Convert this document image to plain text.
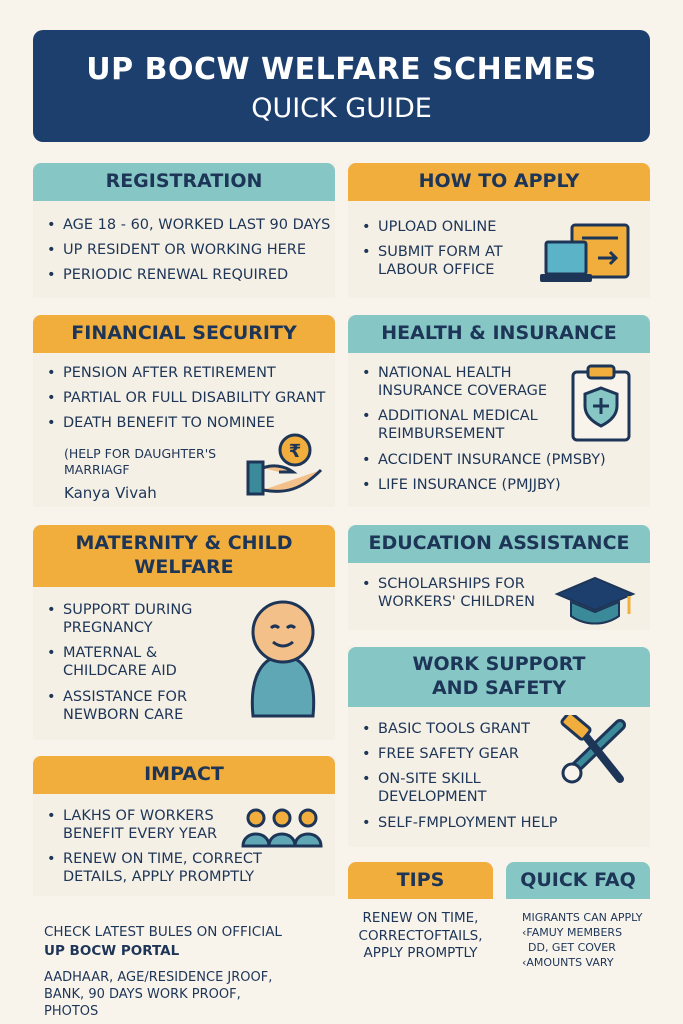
UP BOCW WELFARE SCHEMES
QUICK GUIDE
REGISTRATION
• AGE 18 - 60, WORKED LAST 90 DAYS
• UP RESIDENT OR WORKING HERE
• PERIODIC RENEWAL REQUIRED
HOW TO APPLY
• UPLOAD ONLINE
• SUBMIT FORM AT LABOUR OFFICE
FINANCIAL SECURITY
• PENSION AFTER RETIREMENT
• PARTIAL OR FULL DISABILITY GRANT
• DEATH BENEFIT TO NOMINEE
(HELP FOR DAUGHTER'S MARRIAGF
Kanya Vivah
₹
HEALTH & INSURANCE
• NATIONAL HEALTH INSURANCE COVERAGE
• ADDITIONAL MEDICAL REIMBURSEMENT
• ACCIDENT INSURANCE (PMSBY)
• LIFE INSURANCE (PMJJBY)
MATERNITY & CHILD WELFARE
• SUPPORT DURING PREGNANCY
• MATERNAL & CHILDCARE AID
• ASSISTANCE FOR NEWBORN CARE
EDUCATION ASSISTANCE
• SCHOLARSHIPS FOR WORKERS' CHILDREN
WORK SUPPORT AND SAFETY
• BASIC TOOLS GRANT
• FREE SAFETY GEAR
• ON-SITE SKILL DEVELOPMENT
• SELF-FMPLOYMENT HELP
IMPACT
• LAKHS OF WORKERS BENEFIT EVERY YEAR
• RENEW ON TIME, CORRECT DETAILS, APPLY PROMPTLY	TIPS
RENEW ON TIME, CORRECTOFTAILS, APPLY PROMPTLY
QUICK FAQ
MIGRANTS CAN APPLY
‹FAMUY MEMBERS
DD, GET COVER
‹AMOUNTS VARY
CHECK LATEST BULES ON OFFICIAL
UP BOCW PORTAL
AADHAAR, AGE/RESIDENCE JROOF, BANK, 90 DAYS WORK PROOF, PHOTOS
